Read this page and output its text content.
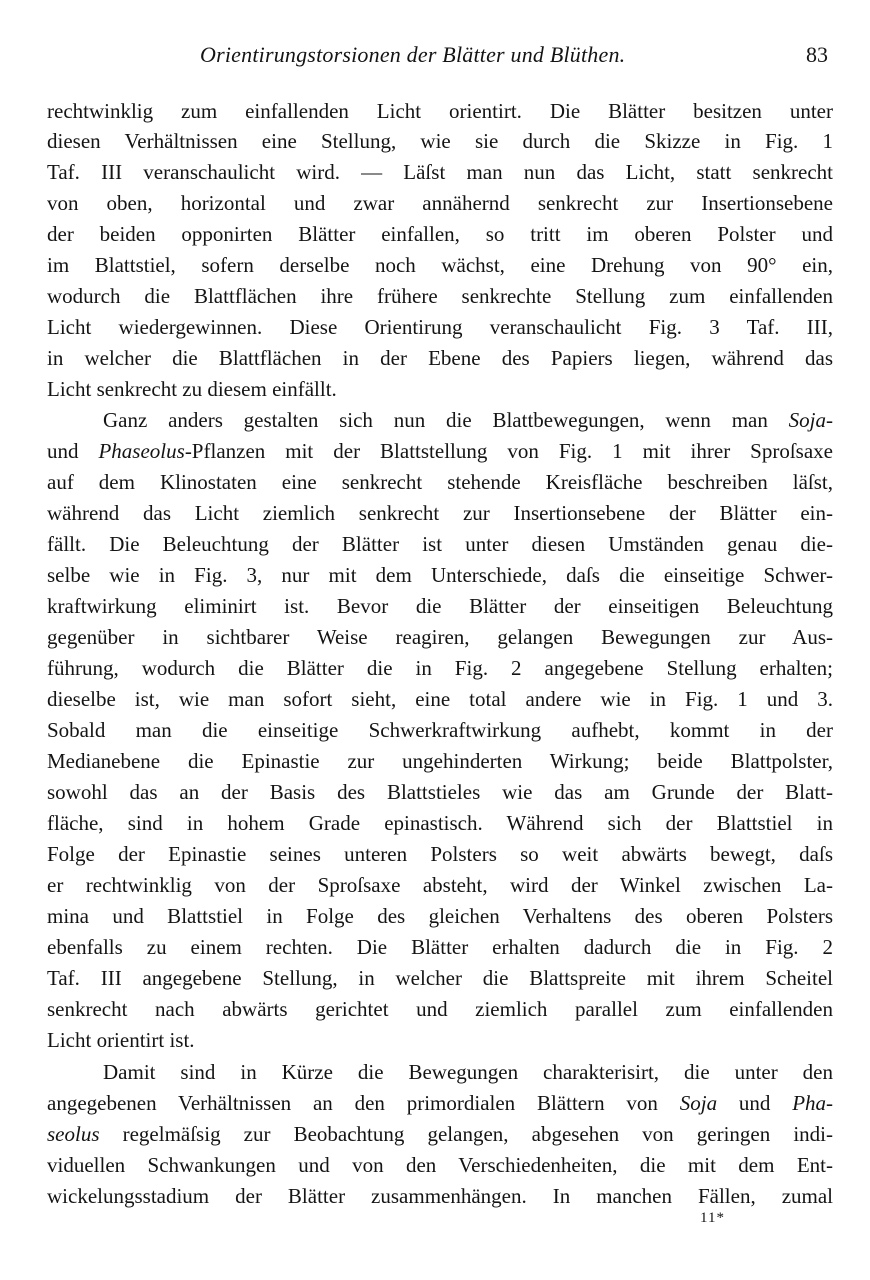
Orientirungstorsionen der Blätter und Blüthen.	83
rechtwinklig zum einfallenden Licht orientirt. Die Blätter besitzen unter
diesen Verhältnissen eine Stellung, wie sie durch die Skizze in Fig. 1
Taf. III veranschaulicht wird. — Läſst man nun das Licht, statt senkrecht
von oben, horizontal und zwar annähernd senkrecht zur Insertionsebene
der beiden opponirten Blätter einfallen, so tritt im oberen Polster und
im Blattstiel, sofern derselbe noch wächst, eine Drehung von 90° ein,
wodurch die Blattflächen ihre frühere senkrechte Stellung zum einfallenden
Licht wiedergewinnen. Diese Orientirung veranschaulicht Fig. 3 Taf. III,
in welcher die Blattflächen in der Ebene des Papiers liegen, während das
Licht senkrecht zu diesem einfällt.
Ganz anders gestalten sich nun die Blattbewegungen, wenn man Soja-
und Phaseolus-Pflanzen mit der Blattstellung von Fig. 1 mit ihrer Sproſsaxe
auf dem Klinostaten eine senkrecht stehende Kreisfläche beschreiben läſst,
während das Licht ziemlich senkrecht zur Insertionsebene der Blätter ein-
fällt. Die Beleuchtung der Blätter ist unter diesen Umständen genau die-
selbe wie in Fig. 3, nur mit dem Unterschiede, daſs die einseitige Schwer-
kraftwirkung eliminirt ist. Bevor die Blätter der einseitigen Beleuchtung
gegenüber in sichtbarer Weise reagiren, gelangen Bewegungen zur Aus-
führung, wodurch die Blätter die in Fig. 2 angegebene Stellung erhalten;
dieselbe ist, wie man sofort sieht, eine total andere wie in Fig. 1 und 3.
Sobald man die einseitige Schwerkraftwirkung aufhebt, kommt in der
Medianebene die Epinastie zur ungehinderten Wirkung; beide Blattpolster,
sowohl das an der Basis des Blattstieles wie das am Grunde der Blatt-
fläche, sind in hohem Grade epinastisch. Während sich der Blattstiel in
Folge der Epinastie seines unteren Polsters so weit abwärts bewegt, daſs
er rechtwinklig von der Sproſsaxe absteht, wird der Winkel zwischen La-
mina und Blattstiel in Folge des gleichen Verhaltens des oberen Polsters
ebenfalls zu einem rechten. Die Blätter erhalten dadurch die in Fig. 2
Taf. III angegebene Stellung, in welcher die Blattspreite mit ihrem Scheitel
senkrecht nach abwärts gerichtet und ziemlich parallel zum einfallenden
Licht orientirt ist.
Damit sind in Kürze die Bewegungen charakterisirt, die unter den
angegebenen Verhältnissen an den primordialen Blättern von Soja und Pha-
seolus regelmäſsig zur Beobachtung gelangen, abgesehen von geringen indi-
viduellen Schwankungen und von den Verschiedenheiten, die mit dem Ent-
wickelungsstadium der Blätter zusammenhängen. In manchen Fällen, zumal
11*
